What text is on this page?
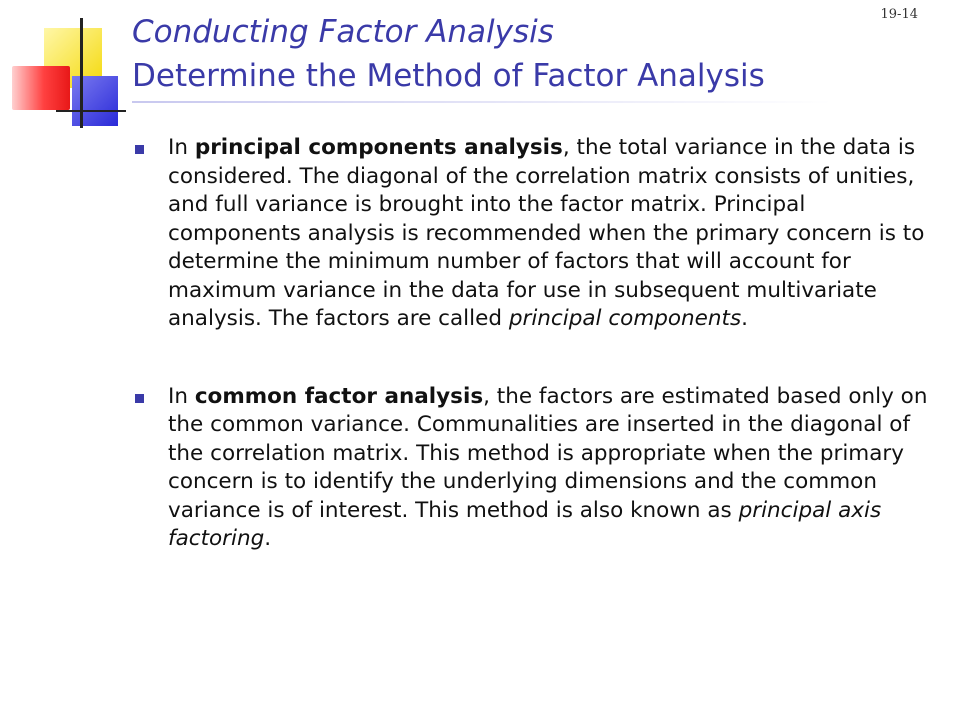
19-14
Conducting Factor Analysis
Determine the Method of Factor Analysis
In principal components analysis, the total variance in the data is considered. The diagonal of the correlation matrix consists of unities, and full variance is brought into the factor matrix. Principal components analysis is recommended when the primary concern is to determine the minimum number of factors that will account for maximum variance in the data for use in subsequent multivariate analysis. The factors are called principal components.
In common factor analysis, the factors are estimated based only on the common variance. Communalities are inserted in the diagonal of the correlation matrix. This method is appropriate when the primary concern is to identify the underlying dimensions and the common variance is of interest. This method is also known as principal axis factoring.
